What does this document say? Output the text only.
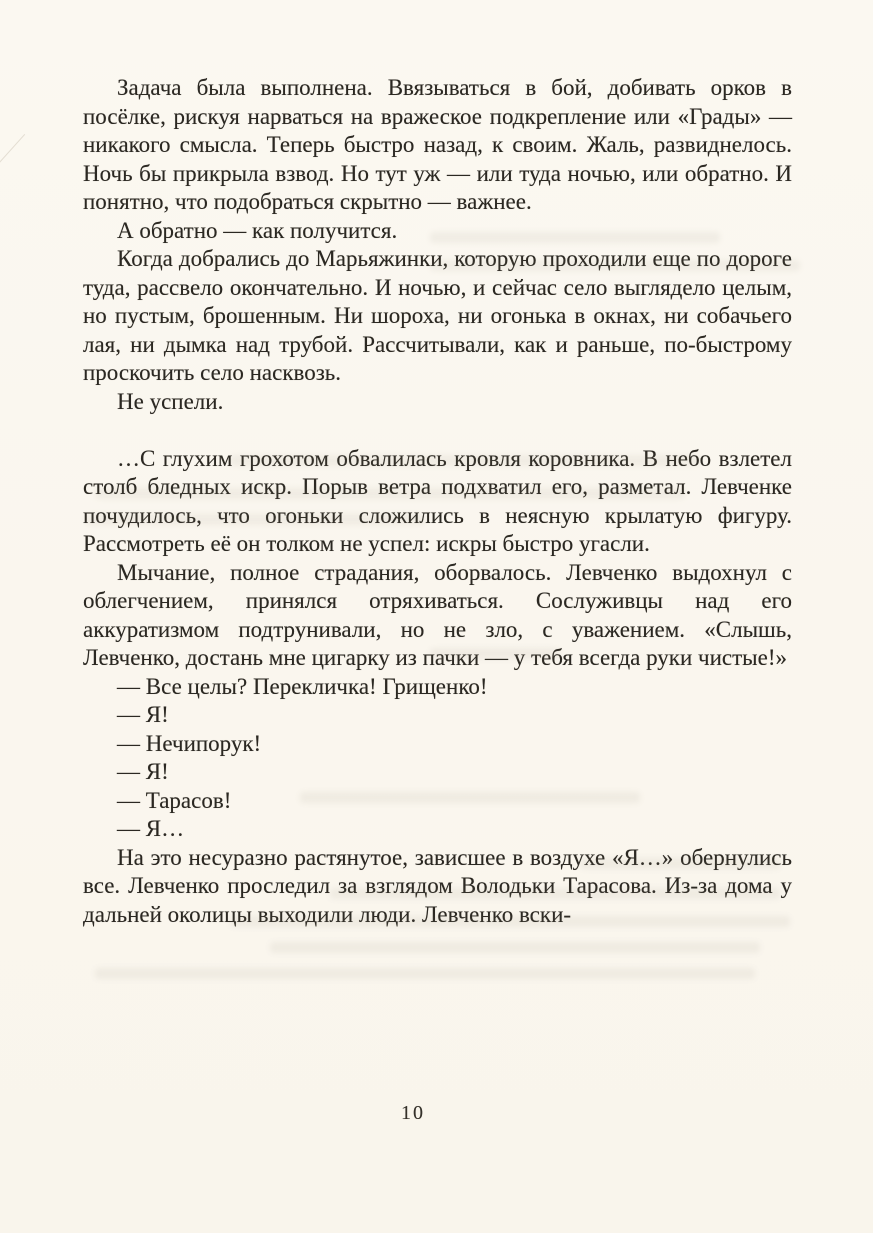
Задача была выполнена. Ввязываться в бой, добивать орков в посёлке, рискуя нарваться на вражеское подкрепление или «Грады» — никакого смысла. Теперь быстро назад, к своим. Жаль, развиднелось. Ночь бы прикрыла взвод. Но тут уж — или туда ночью, или обратно. И понятно, что подобраться скрытно — важнее.

А обратно — как получится.

Когда добрались до Марьяжинки, которую проходили еще по дороге туда, рассвело окончательно. И ночью, и сейчас село выглядело целым, но пустым, брошенным. Ни шороха, ни огонька в окнах, ни собачьего лая, ни дымка над трубой. Рассчитывали, как и раньше, по-быстрому проскочить село насквозь.

Не успели.

…С глухим грохотом обвалилась кровля коровника. В небо взлетел столб бледных искр. Порыв ветра подхватил его, разметал. Левченке почудилось, что огоньки сложились в неясную крылатую фигуру. Рассмотреть её он толком не успел: искры быстро угасли.

Мычание, полное страдания, оборвалось. Левченко выдохнул с облегчением, принялся отряхиваться. Сослуживцы над его аккуратизмом подтрунивали, но не зло, с уважением. «Слышь, Левченко, достань мне цигарку из пачки — у тебя всегда руки чистые!»

— Все целы? Перекличка! Грищенко!

— Я!

— Нечипорук!

— Я!

— Тарасов!

— Я…

На это несуразно растянутое, зависшее в воздухе «Я…» обернулись все. Левченко проследил за взглядом Володьки Тарасова. Из-за дома у дальней околицы выходили люди. Левченко вски-

10
